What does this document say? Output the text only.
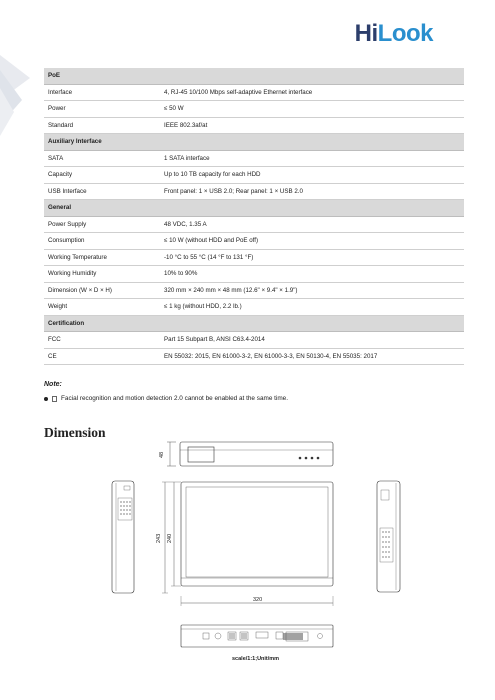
HiLook
PoE	
Interface	4, RJ-45 10/100 Mbps self-adaptive Ethernet interface
Power	≤ 50 W
Standard	IEEE 802.3af/at
Auxiliary Interface	
SATA	1 SATA interface
Capacity	Up to 10 TB capacity for each HDD
USB Interface	Front panel: 1 × USB 2.0; Rear panel: 1 × USB 2.0
General	
Power Supply	48 VDC, 1.35 A
Consumption	≤ 10 W (without HDD and PoE off)
Working Temperature	-10 °C to 55 °C (14 °F to 131 °F)
Working Humidity	10% to 90%
Dimension (W × D × H)	320 mm × 240 mm × 48 mm (12.6" × 9.4" × 1.9")
Weight	≤ 1 kg (without HDD, 2.2 lb.)
Certification	
FCC	Part 15 Subpart B, ANSI C63.4-2014
CE	EN 55032: 2015, EN 61000-3-2, EN 61000-3-3, EN 50130-4, EN 55035: 2017
Note:
Facial recognition and motion detection 2.0 cannot be enabled at the same time.
Dimension
48
243 240
320
scale/1:1;Unit/mm
